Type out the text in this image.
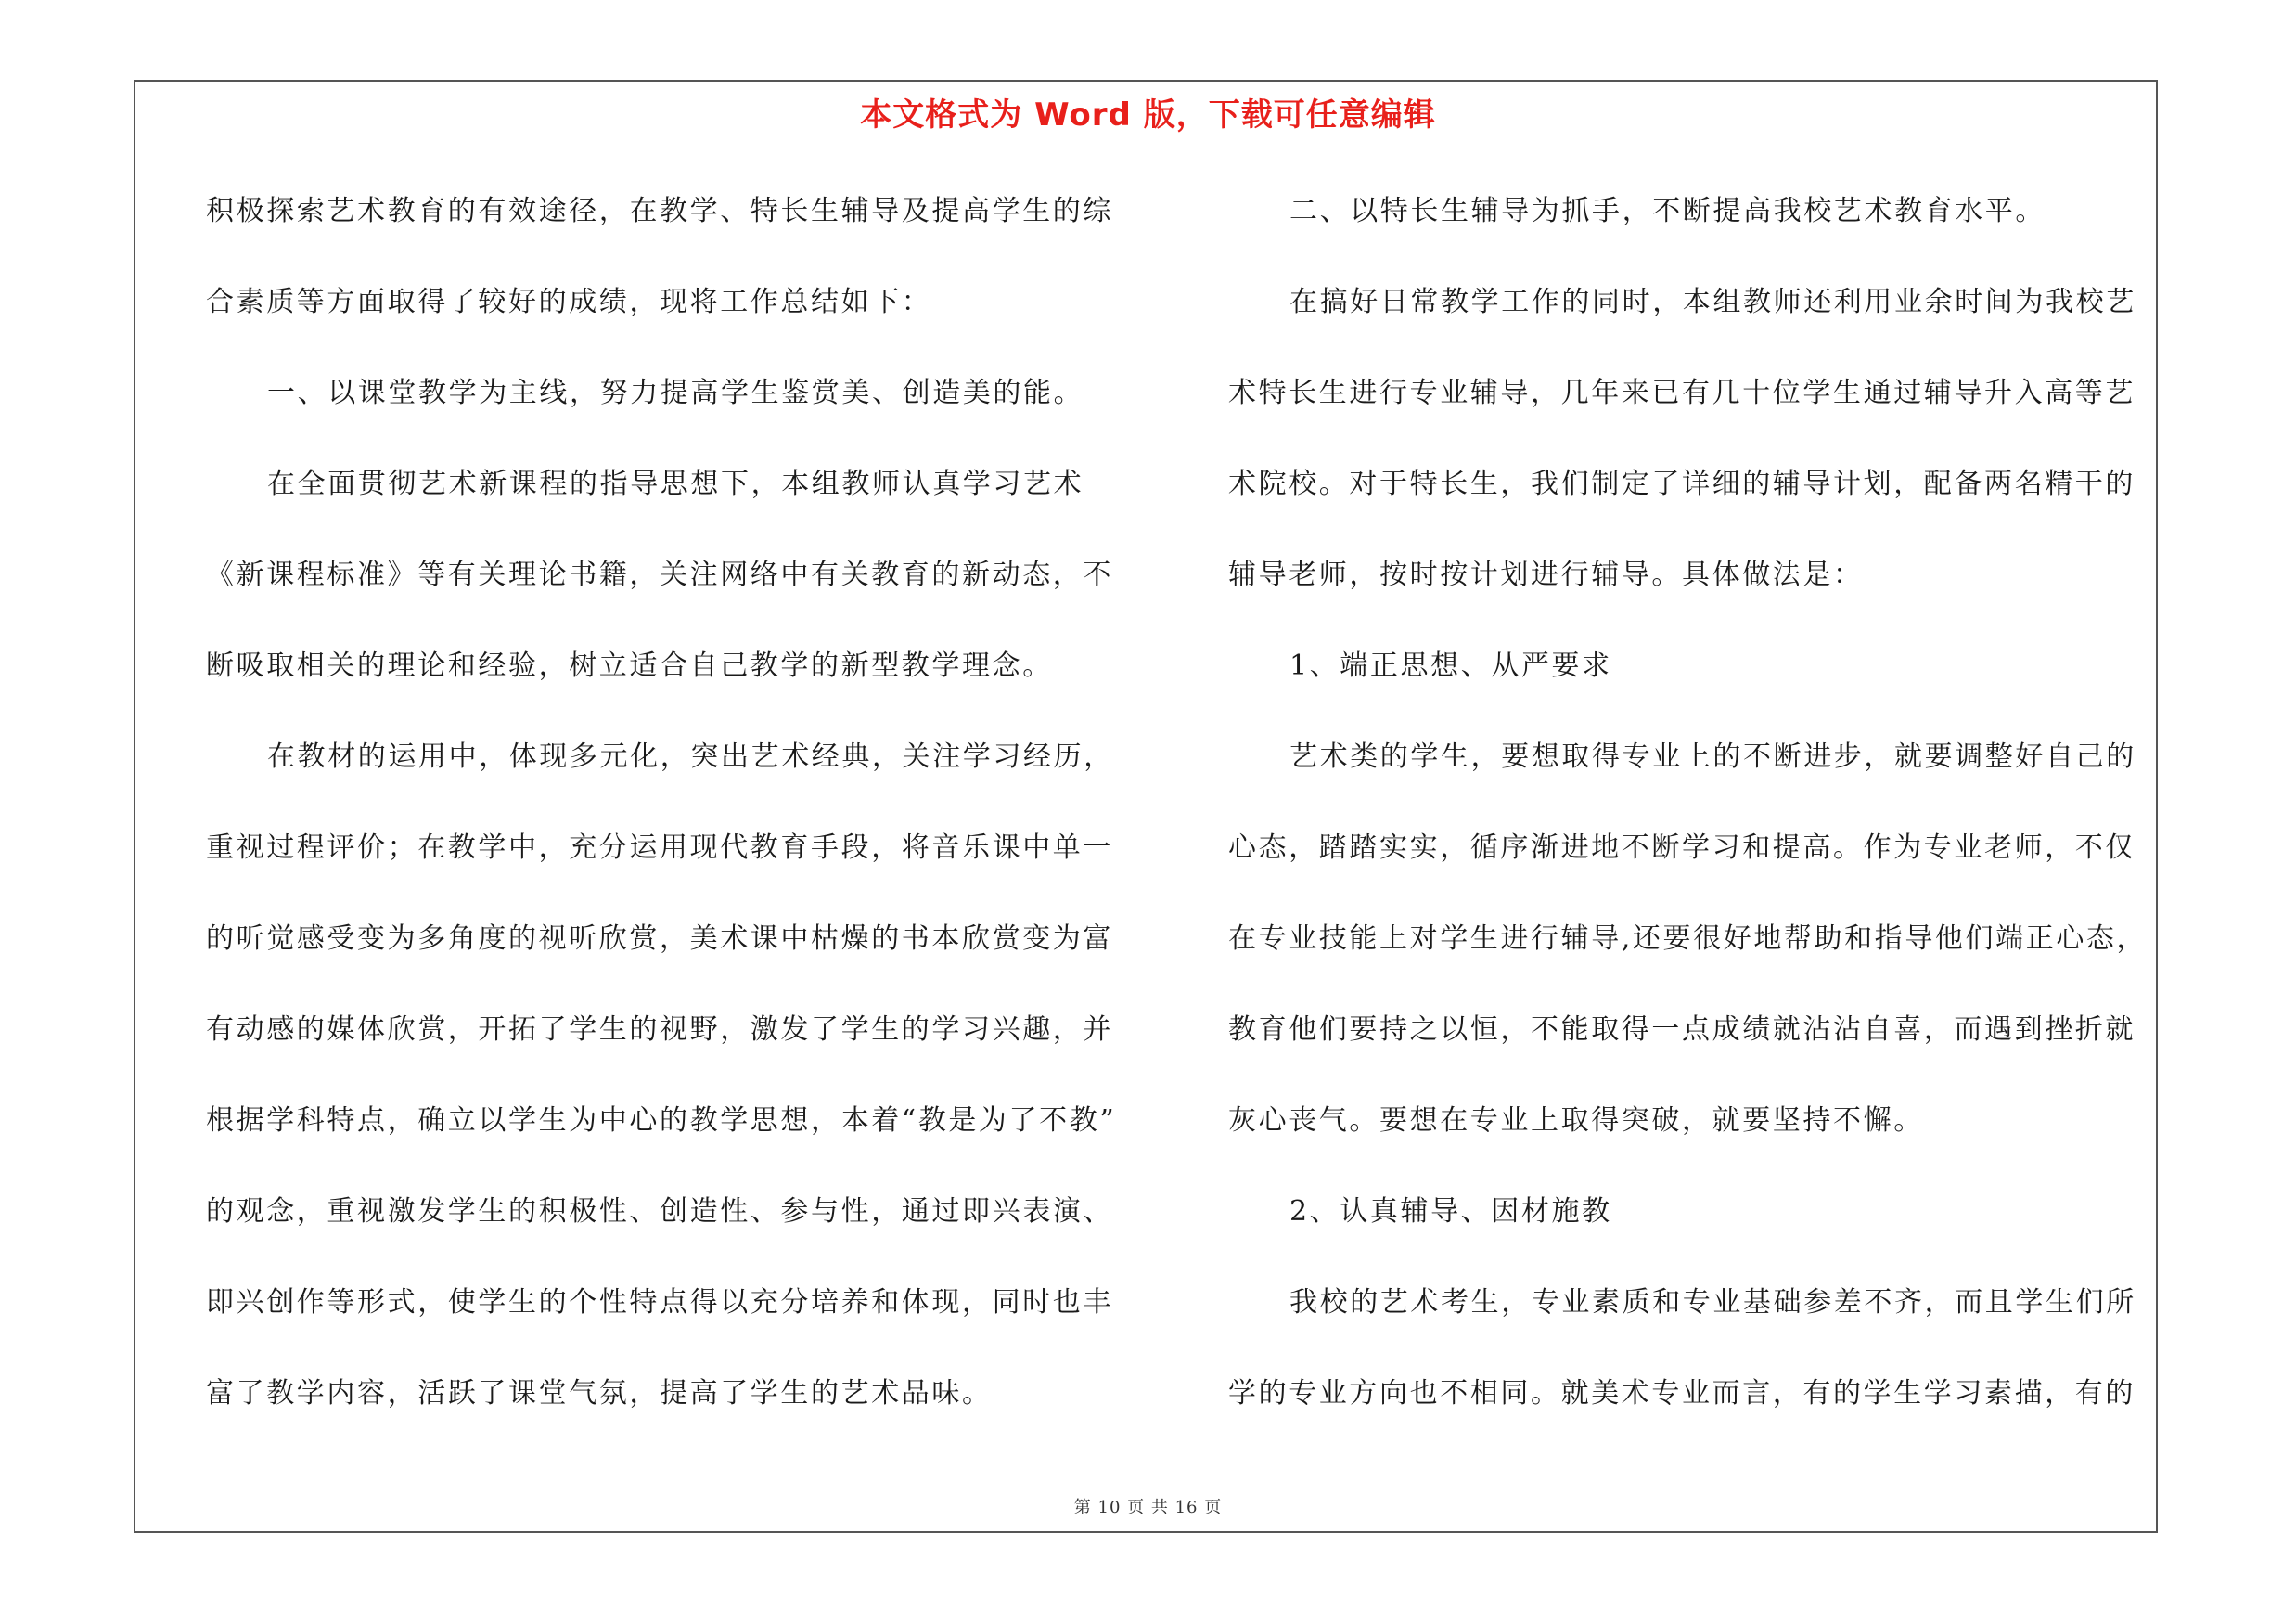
本文格式为 Word 版，下载可任意编辑
积极探索艺术教育的有效途径，在教学、特长生辅导及提高学生的综
合素质等方面取得了较好的成绩，现将工作总结如下：
一、以课堂教学为主线，努力提高学生鉴赏美、创造美的能。
在全面贯彻艺术新课程的指导思想下，本组教师认真学习艺术
《新课程标准》等有关理论书籍，关注网络中有关教育的新动态，不
断吸取相关的理论和经验，树立适合自己教学的新型教学理念。
在教材的运用中，体现多元化，突出艺术经典，关注学习经历，
重视过程评价；在教学中，充分运用现代教育手段，将音乐课中单一
的听觉感受变为多角度的视听欣赏，美术课中枯燥的书本欣赏变为富
有动感的媒体欣赏，开拓了学生的视野，激发了学生的学习兴趣，并
根据学科特点，确立以学生为中心的教学思想，本着“教是为了不教”
的观念，重视激发学生的积极性、创造性、参与性，通过即兴表演、
即兴创作等形式，使学生的个性特点得以充分培养和体现，同时也丰
富了教学内容，活跃了课堂气氛，提高了学生的艺术品味。
二、以特长生辅导为抓手，不断提高我校艺术教育水平。
在搞好日常教学工作的同时，本组教师还利用业余时间为我校艺
术特长生进行专业辅导，几年来已有几十位学生通过辅导升入高等艺
术院校。对于特长生，我们制定了详细的辅导计划，配备两名精干的
辅导老师，按时按计划进行辅导。具体做法是：
1、端正思想、从严要求
艺术类的学生，要想取得专业上的不断进步，就要调整好自己的
心态，踏踏实实，循序渐进地不断学习和提高。作为专业老师，不仅
在专业技能上对学生进行辅导,还要很好地帮助和指导他们端正心态，
教育他们要持之以恒，不能取得一点成绩就沾沾自喜，而遇到挫折就
灰心丧气。要想在专业上取得突破，就要坚持不懈。
2、认真辅导、因材施教
我校的艺术考生，专业素质和专业基础参差不齐，而且学生们所
学的专业方向也不相同。就美术专业而言，有的学生学习素描，有的
第 10 页 共 16 页
